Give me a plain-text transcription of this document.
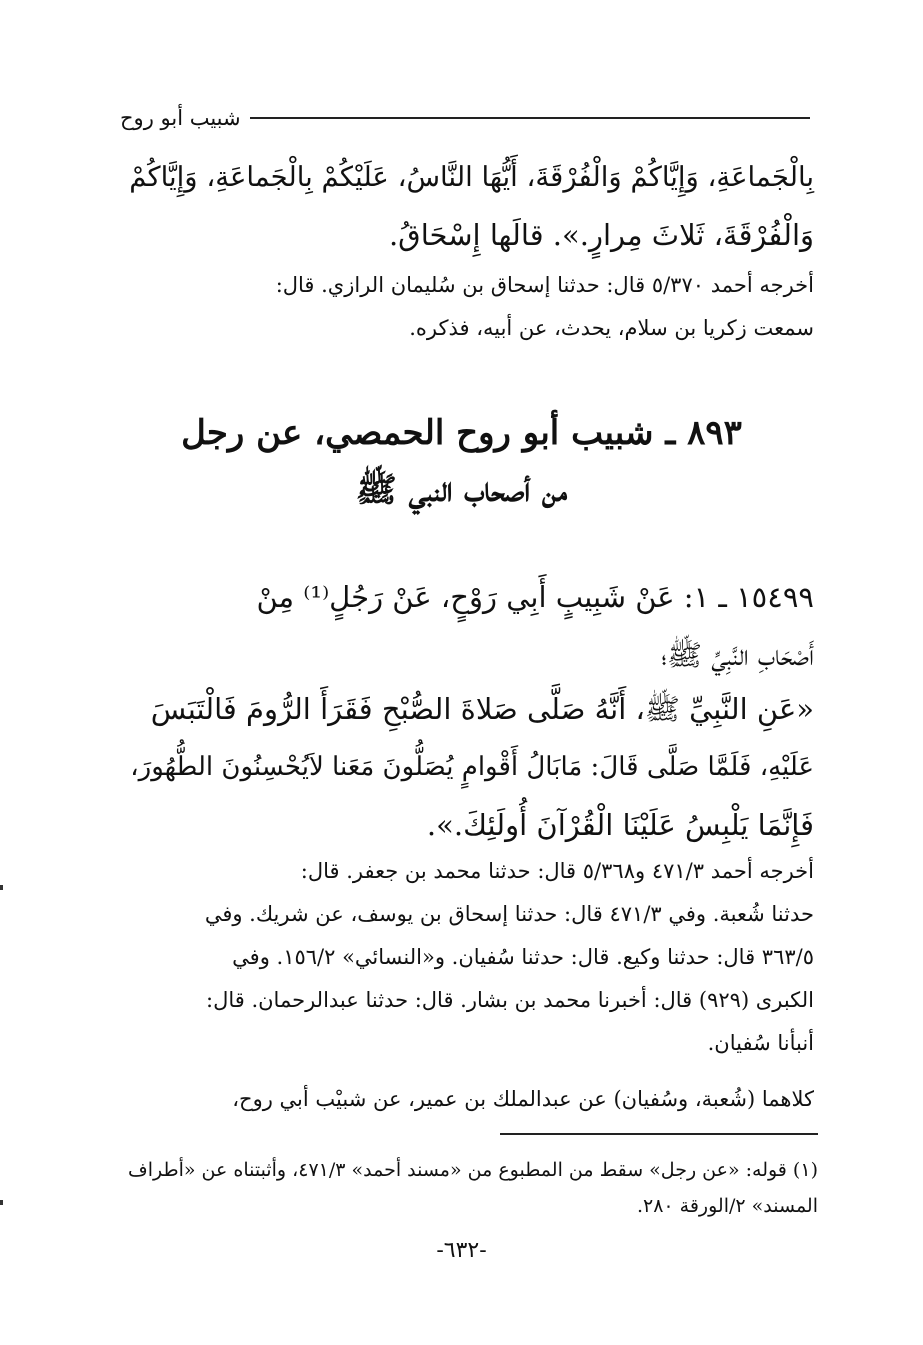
شبيب أبو روح
بِالْجَماعَةِ، وَإِيَّاكُمْ وَالْفُرْقَةَ، أَيُّهَا النَّاسُ، عَلَيْكُمْ بِالْجَماعَةِ، وَإِيَّاكُمْ
وَالْفُرْقَةَ، ثَلاثَ مِرارٍ.». قالَها إِسْحَاقُ.
أخرجه أحمد ٥/٣٧٠ قال: حدثنا إسحاق بن سُليمان الرازي. قال:
سمعت زكريا بن سلام، يحدث، عن أبيه، فذكره.
٨٩٣ ـ شبيب أبو روح الحمصي، عن رجل
من أصحاب النبي ﷺ
١٥٤٩٩ ـ ١: عَنْ شَبِيبٍ أَبِي رَوْحٍ، عَنْ رَجُلٍ⁽¹⁾ مِنْ
أَصْحَابِ النَّبِيِّ ﷺ؛
«عَنِ النَّبِيِّ ﷺ، أَنَّهُ صَلَّى صَلاةَ الصُّبْحِ فَقَرَأَ الرُّومَ فَالْتَبَسَ
عَلَيْهِ، فَلَمَّا صَلَّى قَالَ: مَابَالُ أَقْوامٍ يُصَلُّونَ مَعَنا لاَيُحْسِنُونَ الطُّهُورَ،
فَإِنَّمَا يَلْبِسُ عَلَيْنَا الْقُرْآنَ أُولَئِكَ.».
أخرجه أحمد ٤٧١/٣ و٥/٣٦٨ قال: حدثنا محمد بن جعفر. قال:
حدثنا شُعبة. وفي ٤٧١/٣ قال: حدثنا إسحاق بن يوسف، عن شريك. وفي
٣٦٣/٥ قال: حدثنا وكيع. قال: حدثنا سُفيان. و«النسائي» ١٥٦/٢. وفي
الكبرى (٩٢٩) قال: أخبرنا محمد بن بشار. قال: حدثنا عبدالرحمان. قال:
أنبأنا سُفيان.
كلاهما (شُعبة، وسُفيان) عن عبدالملك بن عمير، عن شبيْب أبي روح،
(١) قوله: «عن رجل» سقط من المطبوع من «مسند أحمد» ٤٧١/٣، وأثبتناه عن «أطراف
المسند» ٢/الورقة ٢٨٠.
-٦٣٢-
